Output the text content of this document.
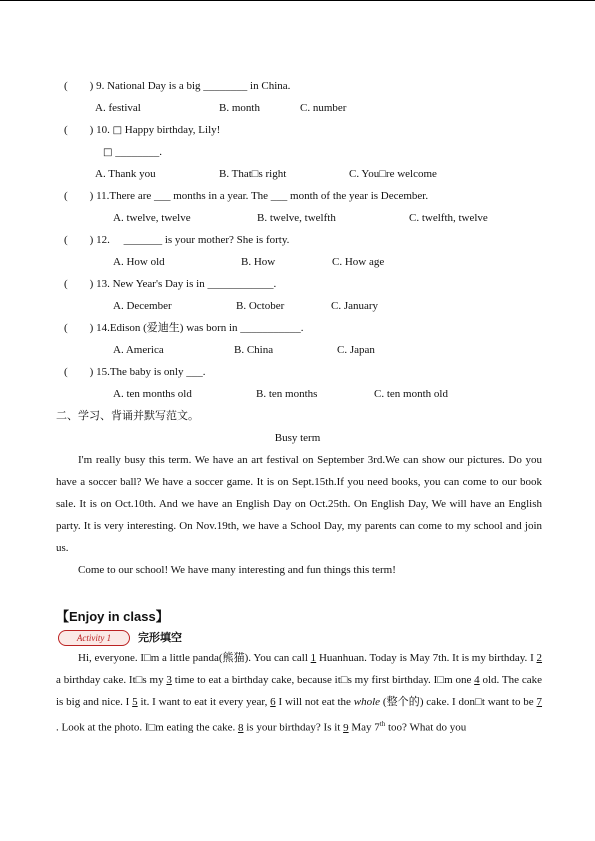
(        ) 9. National Day is a big ________ in China.
A. festival	B. month	C. number
(        ) 10. □ Happy birthday, Lily!
□ ________.
A. Thank you	B. That□s right	C. You□re welcome
(        ) 11.There are ___ months in a year. The ___ month of the year is December.
A. twelve, twelve	B. twelve, twelfth	C. twelfth, twelve
(        ) 12.     _______ is your mother? She is forty.
A. How old	B. How	C. How age
(        ) 13. New Year's Day is in ____________.
A. December	B. October	C. January
(        ) 14.Edison (爱迪生) was born in ___________.
A. America	B. China	C. Japan
(        ) 15.The baby is only ___.
A. ten months old	B. ten months	C. ten month old
二、学习、背诵并默写范文。
Busy term
I'm really busy this term. We have an art festival on September 3rd.We can show our pictures. Do you have a soccer ball? We have a soccer game. It is on Sept.15th.If you need books, you can come to our book sale. It is on Oct.10th. And we have an English Day on Oct.25th. On English Day, We will have an English party. It is very interesting. On Nov.19th, we have a School Day, my parents can come to my school and join us.
Come to our school! We have many interesting and fun things this term!
【Enjoy in class】
Activity 1	完形填空
Hi, everyone. I□m a little panda(熊猫). You can call 1 Huanhuan. Today is May 7th. It is my birthday. I 2 a birthday cake. It□s my 3 time to eat a birthday cake, because it□s my first birthday. I□m one 4 old. The cake is big and nice. I 5 it. I want to eat it every year, 6 I will not eat the whole (整个的) cake. I don□t want to be 7. Look at the photo. I□m eating the cake. 8 is your birthday? Is it 9 May 7th too? What do you
